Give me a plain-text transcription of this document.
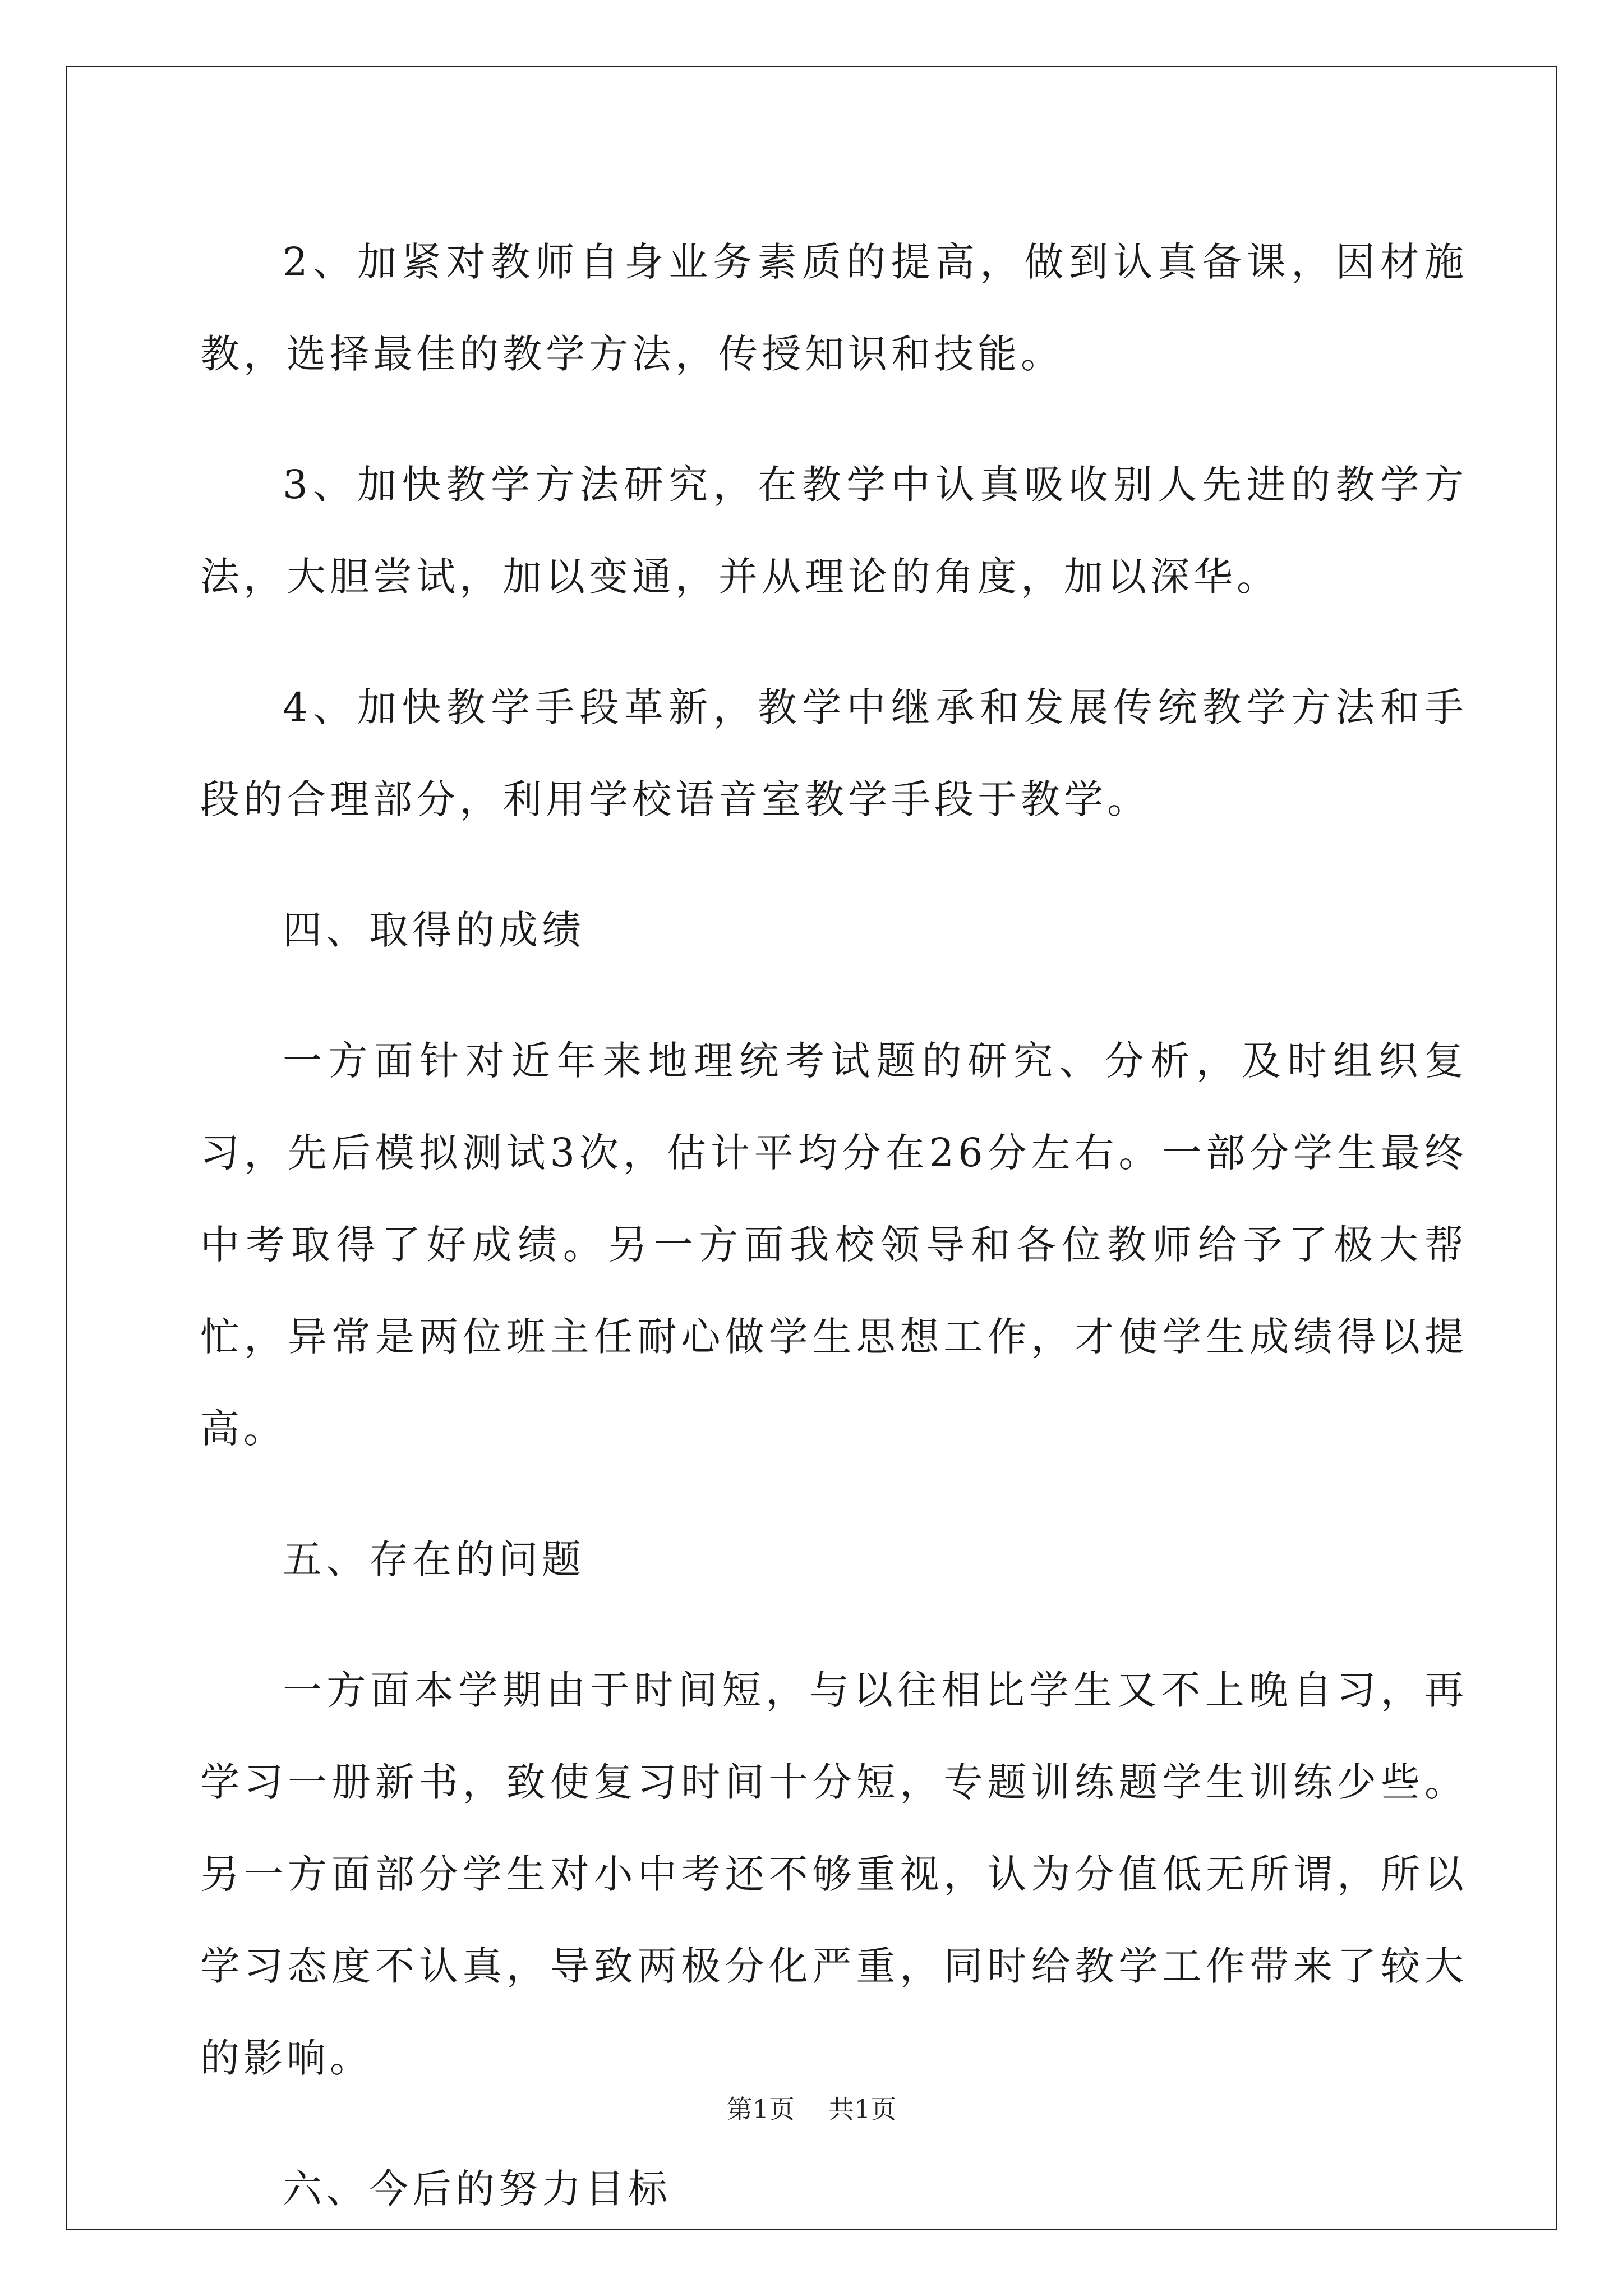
2、加紧对教师自身业务素质的提高，做到认真备课，因材施教，选择最佳的教学方法，传授知识和技能。

3、加快教学方法研究，在教学中认真吸收别人先进的教学方法，大胆尝试，加以变通，并从理论的角度，加以深华。

4、加快教学手段革新，教学中继承和发展传统教学方法和手段的合理部分，利用学校语音室教学手段于教学。

四、取得的成绩

一方面针对近年来地理统考试题的研究、分析，及时组织复习，先后模拟测试3次，估计平均分在26分左右。一部分学生最终中考取得了好成绩。另一方面我校领导和各位教师给予了极大帮忙，异常是两位班主任耐心做学生思想工作，才使学生成绩得以提高。

五、存在的问题

一方面本学期由于时间短，与以往相比学生又不上晚自习，再学习一册新书，致使复习时间十分短，专题训练题学生训练少些。另一方面部分学生对小中考还不够重视，认为分值低无所谓，所以学习态度不认真，导致两极分化严重，同时给教学工作带来了较大的影响。

六、今后的努力目标

第1页 共1页
